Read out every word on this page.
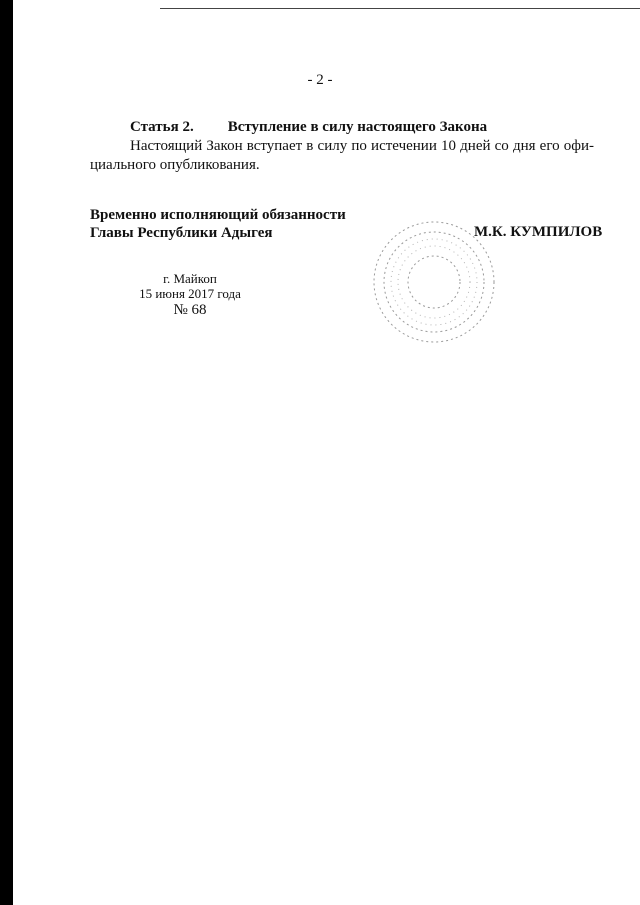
- 2 -
Статья 2. Вступление в силу настоящего Закона
Настоящий Закон вступает в силу по истечении 10 дней со дня его офи-
циального опубликования.
Временно исполняющий обязанности
Главы Республики Адыгея	М.К. КУМПИЛОВ
г. Майкоп
15 июня 2017 года
№ 68
